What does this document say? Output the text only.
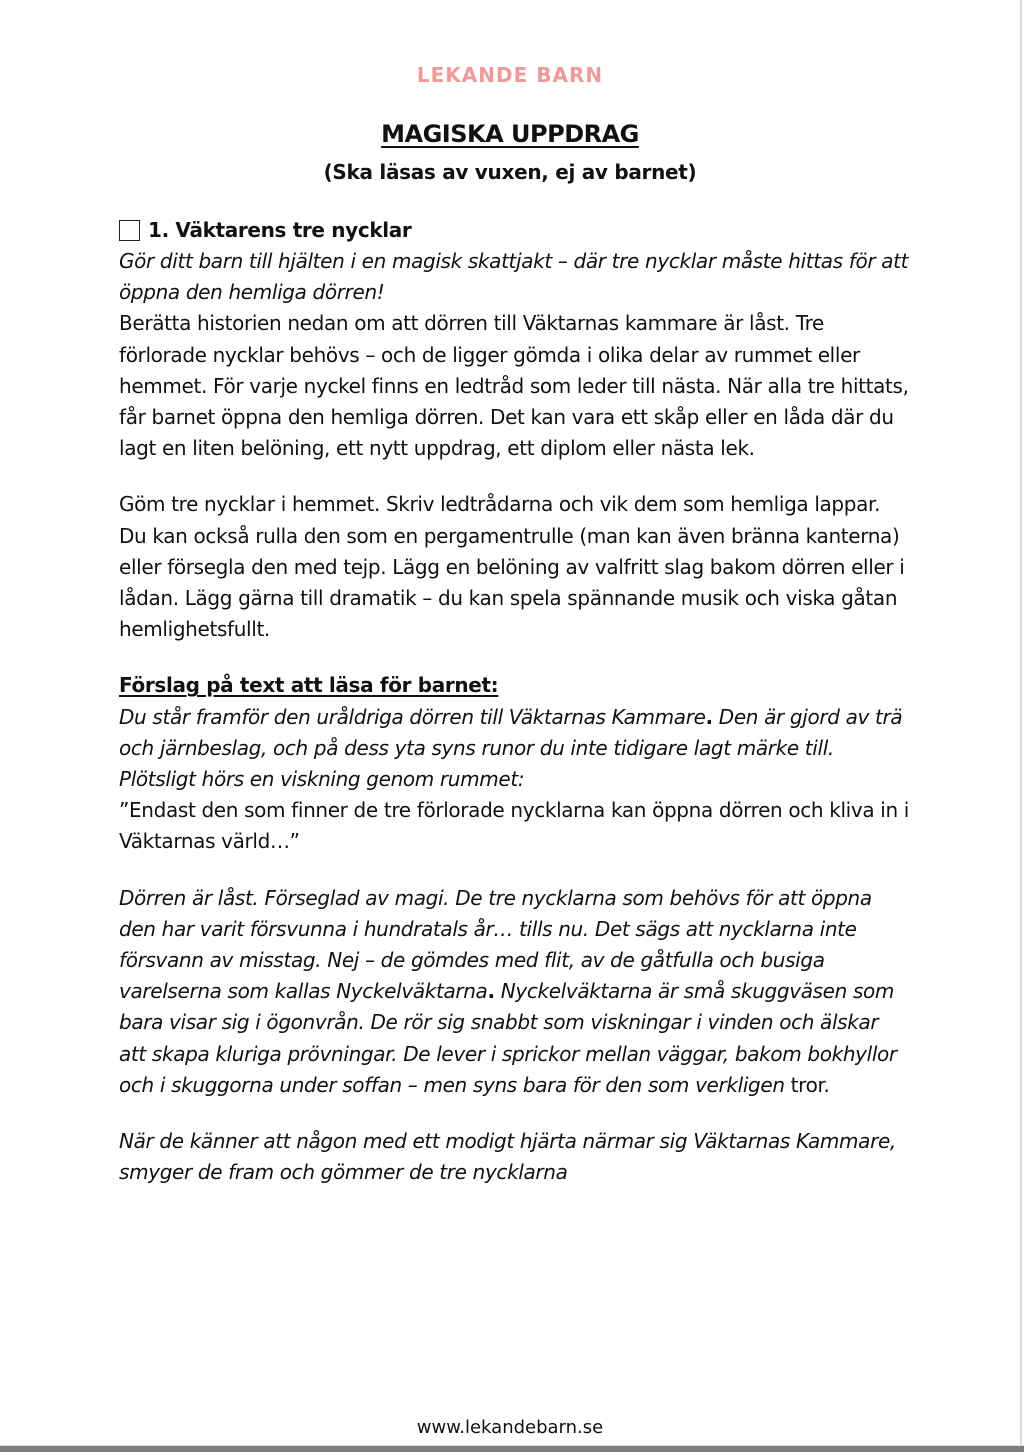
LEKANDE BARN
MAGISKA UPPDRAG
(Ska läsas av vuxen, ej av barnet)
1. Väktarens tre nycklar

Gör ditt barn till hjälten i en magisk skattjakt – där tre nycklar måste hittas för att öppna den hemliga dörren!

Berätta historien nedan om att dörren till Väktarnas kammare är låst. Tre förlorade nycklar behövs – och de ligger gömda i olika delar av rummet eller hemmet. För varje nyckel finns en ledtråd som leder till nästa. När alla tre hittats, får barnet öppna den hemliga dörren. Det kan vara ett skåp eller en låda där du lagt en liten belöning, ett nytt uppdrag, ett diplom eller nästa lek.

Göm tre nycklar i hemmet. Skriv ledtrådarna och vik dem som hemliga lappar. Du kan också rulla den som en pergamentrulle (man kan även bränna kanterna) eller försegla den med tejp. Lägg en belöning av valfritt slag bakom dörren eller i lådan. Lägg gärna till dramatik – du kan spela spännande musik och viska gåtan hemlighetsfullt.

Förslag på text att läsa för barnet:

Du står framför den uråldriga dörren till Väktarnas Kammare. Den är gjord av trä och järnbeslag, och på dess yta syns runor du inte tidigare lagt märke till. Plötsligt hörs en viskning genom rummet:
”Endast den som finner de tre förlorade nycklarna kan öppna dörren och kliva in i Väktarnas värld…”

Dörren är låst. Förseglad av magi. De tre nycklarna som behövs för att öppna den har varit försvunna i hundratals år… tills nu. Det sägs att nycklarna inte försvann av misstag. Nej – de gömdes med flit, av de gåtfulla och busiga varelserna som kallas Nyckelväktarna. Nyckelväktarna är små skuggväsen som bara visar sig i ögonvrån. De rör sig snabbt som viskningar i vinden och älskar att skapa kluriga prövningar. De lever i sprickor mellan väggar, bakom bokhyllor och i skuggorna under soffan – men syns bara för den som verkligen tror.

När de känner att någon med ett modigt hjärta närmar sig Väktarnas Kammare, smyger de fram och gömmer de tre nycklarna

www.lekandebarn.se
